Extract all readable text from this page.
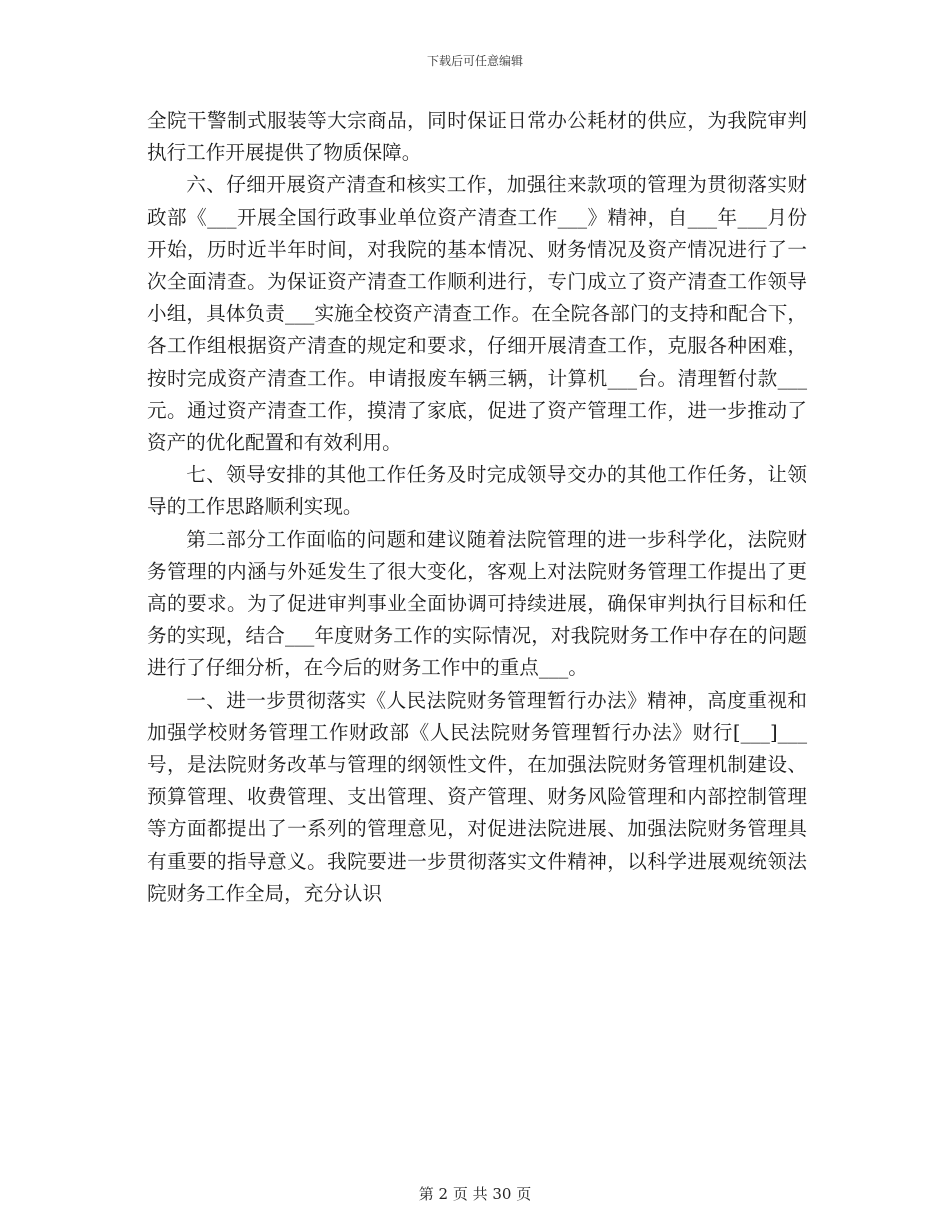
下载后可任意编辑

全院干警制式服装等大宗商品，同时保证日常办公耗材的供应，为我院审判执行工作开展提供了物质保障。

六、仔细开展资产清查和核实工作，加强往来款项的管理为贯彻落实财政部《___开展全国行政事业单位资产清查工作___》精神，自___年___月份开始，历时近半年时间，对我院的基本情况、财务情况及资产情况进行了一次全面清查。为保证资产清查工作顺利进行，专门成立了资产清查工作领导小组，具体负责___实施全校资产清查工作。在全院各部门的支持和配合下，各工作组根据资产清查的规定和要求，仔细开展清查工作，克服各种困难，按时完成资产清查工作。申请报废车辆三辆，计算机___台。清理暂付款___元。通过资产清查工作，摸清了家底，促进了资产管理工作，进一步推动了资产的优化配置和有效利用。

七、领导安排的其他工作任务及时完成领导交办的其他工作任务，让领导的工作思路顺利实现。

第二部分工作面临的问题和建议随着法院管理的进一步科学化，法院财务管理的内涵与外延发生了很大变化，客观上对法院财务管理工作提出了更高的要求。为了促进审判事业全面协调可持续进展，确保审判执行目标和任务的实现，结合___年度财务工作的实际情况，对我院财务工作中存在的问题进行了仔细分析，在今后的财务工作中的重点___。

一、进一步贯彻落实《人民法院财务管理暂行办法》精神，高度重视和加强学校财务管理工作财政部《人民法院财务管理暂行办法》财行[___]___号，是法院财务改革与管理的纲领性文件，在加强法院财务管理机制建设、预算管理、收费管理、支出管理、资产管理、财务风险管理和内部控制管理等方面都提出了一系列的管理意见，对促进法院进展、加强法院财务管理具有重要的指导意义。我院要进一步贯彻落实文件精神，以科学进展观统领法院财务工作全局，充分认识

第 2 页 共 30 页
